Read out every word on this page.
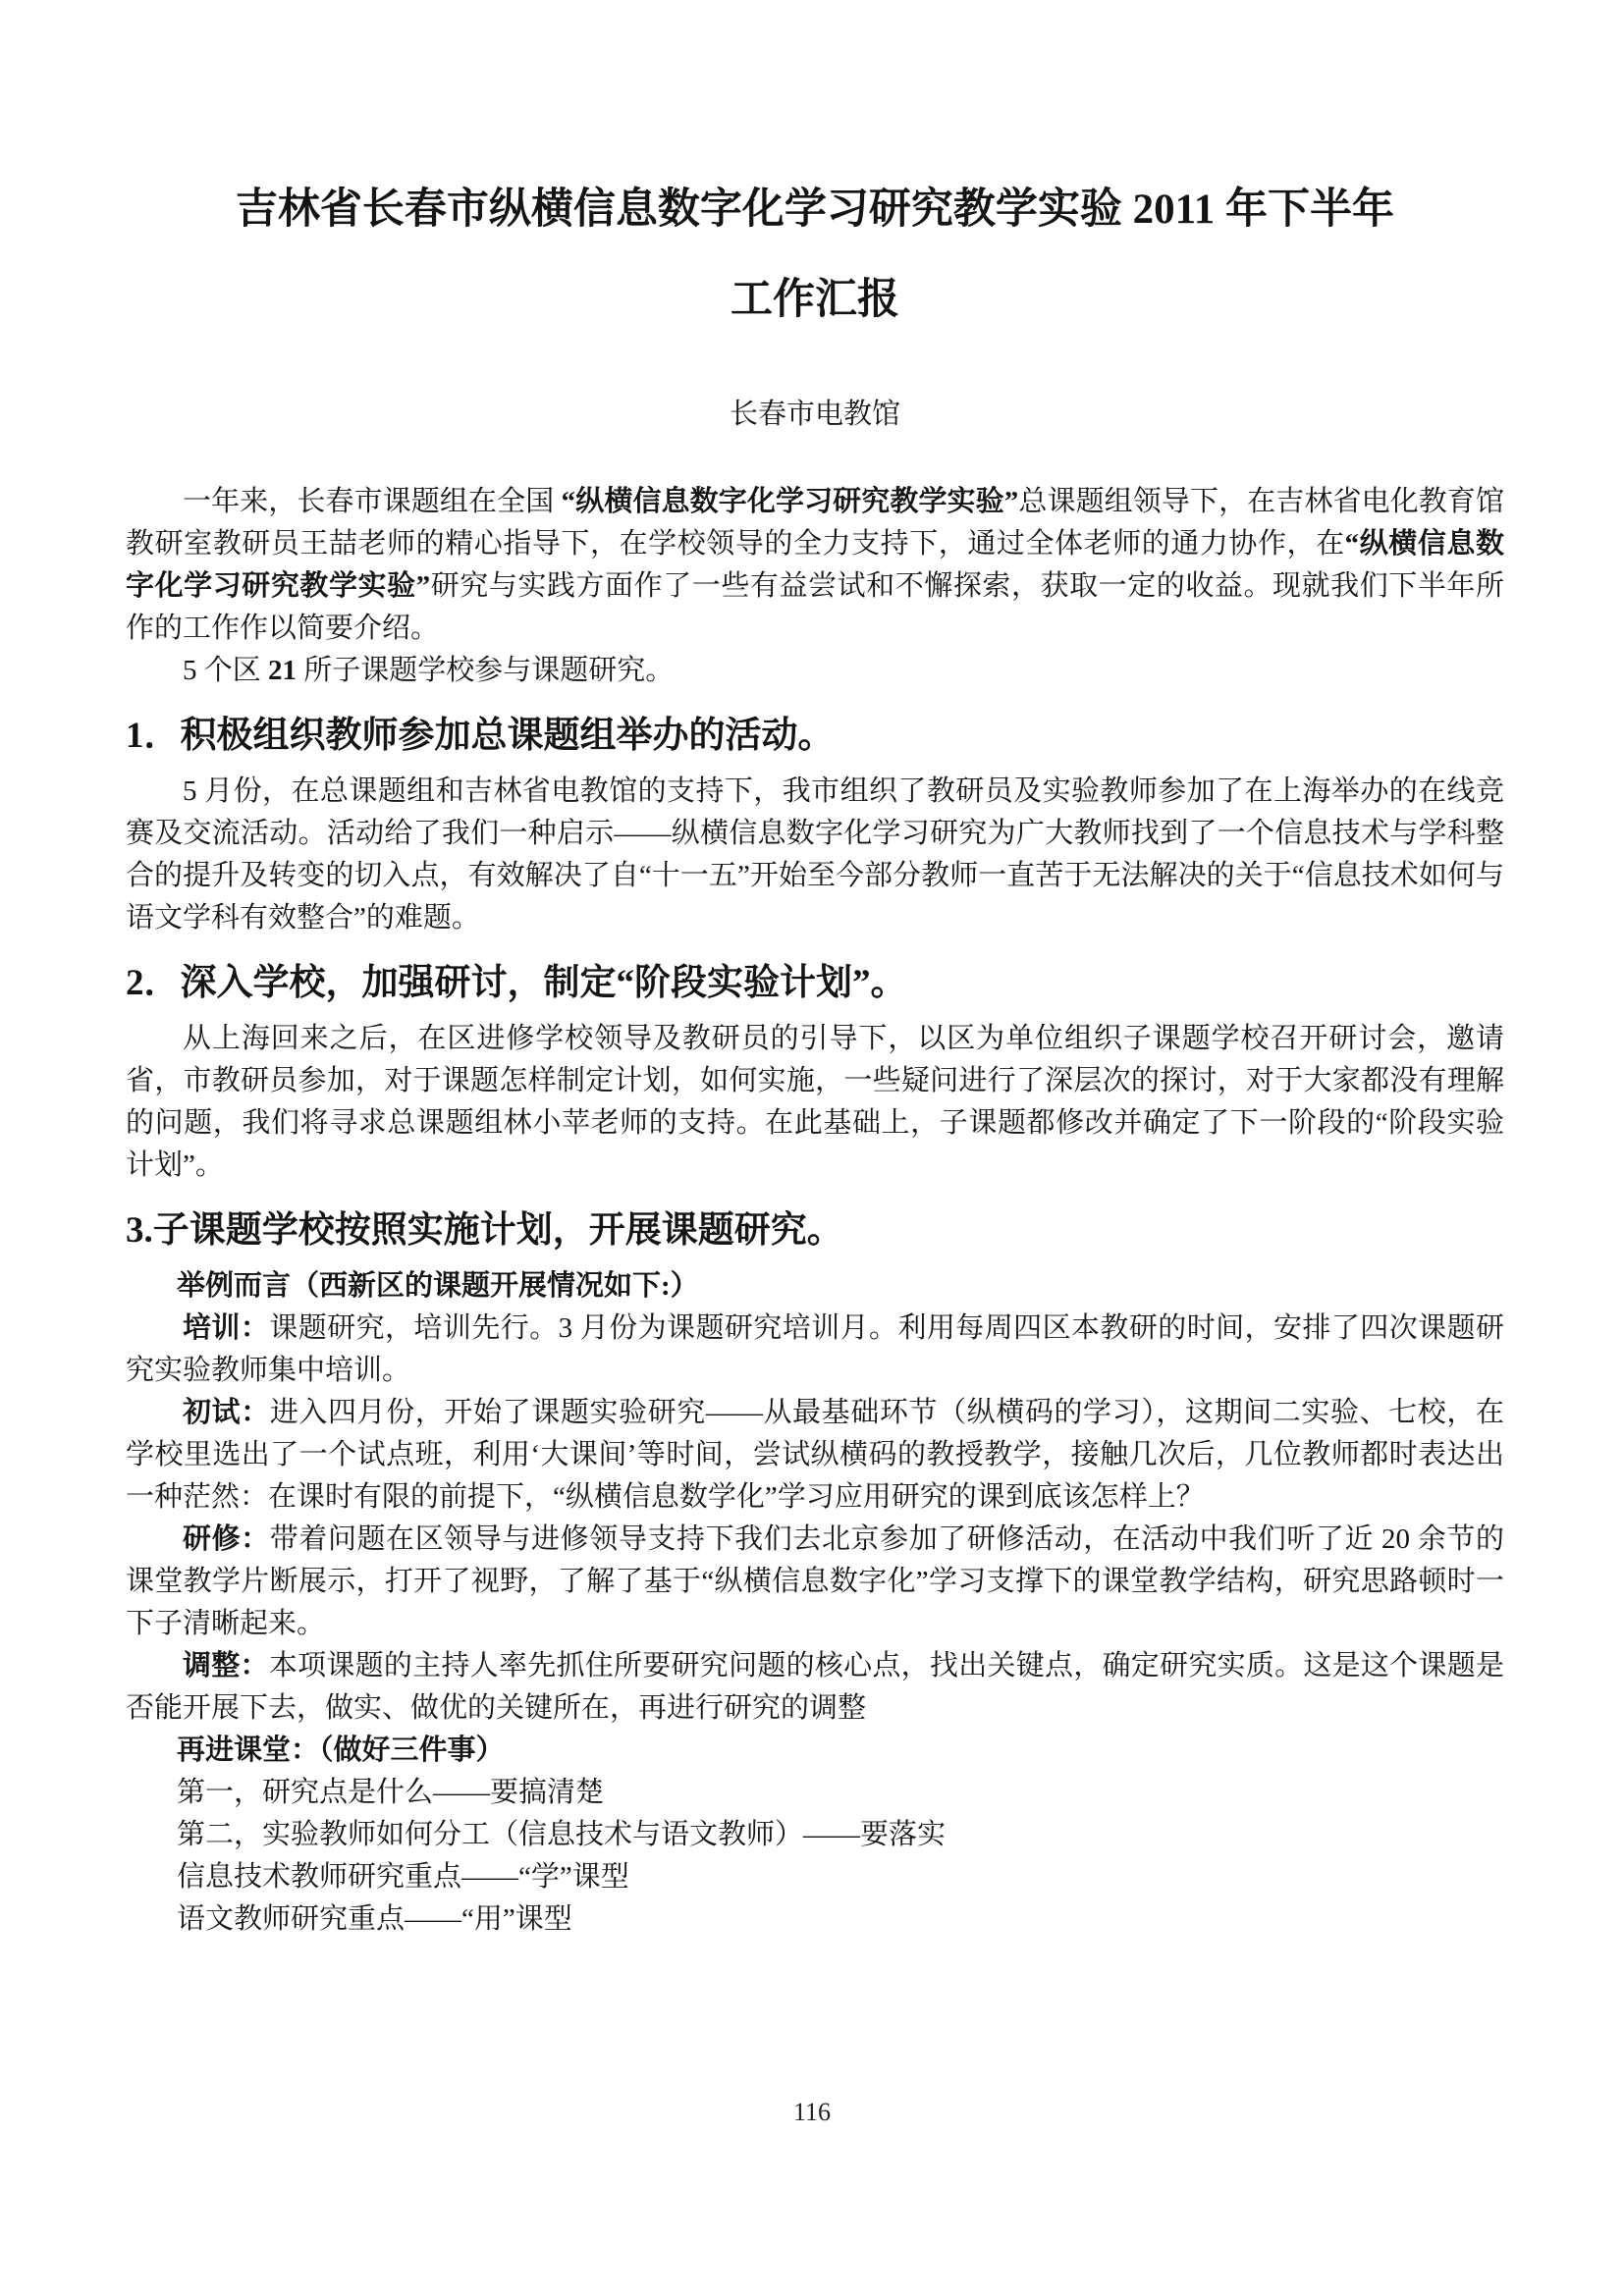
吉林省长春市纵横信息数字化学习研究教学实验 2011 年下半年
工作汇报
长春市电教馆

一年来，长春市课题组在全国 “纵横信息数字化学习研究教学实验”总课题组领导下，在吉林省电化教育馆教研室教研员王喆老师的精心指导下，在学校领导的全力支持下，通过全体老师的通力协作，在“纵横信息数字化学习研究教学实验”研究与实践方面作了一些有益尝试和不懈探索，获取一定的收益。现就我们下半年所作的工作作以简要介绍。

5 个区 21 所子课题学校参与课题研究。

1．积极组织教师参加总课题组举办的活动。

5 月份，在总课题组和吉林省电教馆的支持下，我市组织了教研员及实验教师参加了在上海举办的在线竞赛及交流活动。活动给了我们一种启示——纵横信息数字化学习研究为广大教师找到了一个信息技术与学科整合的提升及转变的切入点，有效解决了自“十一五”开始至今部分教师一直苦于无法解决的关于“信息技术如何与语文学科有效整合”的难题。

2．深入学校，加强研讨，制定“阶段实验计划”。

从上海回来之后，在区进修学校领导及教研员的引导下，以区为单位组织子课题学校召开研讨会，邀请省，市教研员参加，对于课题怎样制定计划，如何实施，一些疑问进行了深层次的探讨，对于大家都没有理解的问题，我们将寻求总课题组林小苹老师的支持。在此基础上，子课题都修改并确定了下一阶段的“阶段实验计划”。

3.子课题学校按照实施计划，开展课题研究。

举例而言（西新区的课题开展情况如下:）

培训：课题研究，培训先行。3 月份为课题研究培训月。利用每周四区本教研的时间，安排了四次课题研究实验教师集中培训。

初试：进入四月份，开始了课题实验研究——从最基础环节（纵横码的学习），这期间二实验、七校，在学校里选出了一个试点班，利用‘大课间’等时间，尝试纵横码的教授教学，接触几次后，几位教师都时表达出一种茫然：在课时有限的前提下，“纵横信息数学化”学习应用研究的课到底该怎样上？

研修：带着问题在区领导与进修领导支持下我们去北京参加了研修活动，在活动中我们听了近 20 余节的课堂教学片断展示，打开了视野，了解了基于“纵横信息数字化”学习支撑下的课堂教学结构，研究思路顿时一下子清晰起来。

调整：本项课题的主持人率先抓住所要研究问题的核心点，找出关键点，确定研究实质。这是这个课题是否能开展下去，做实、做优的关键所在，再进行研究的调整

再进课堂：（做好三件事）

第一，研究点是什么——要搞清楚

第二，实验教师如何分工（信息技术与语文教师）——要落实

信息技术教师研究重点——“学”课型

语文教师研究重点——“用”课型

116
